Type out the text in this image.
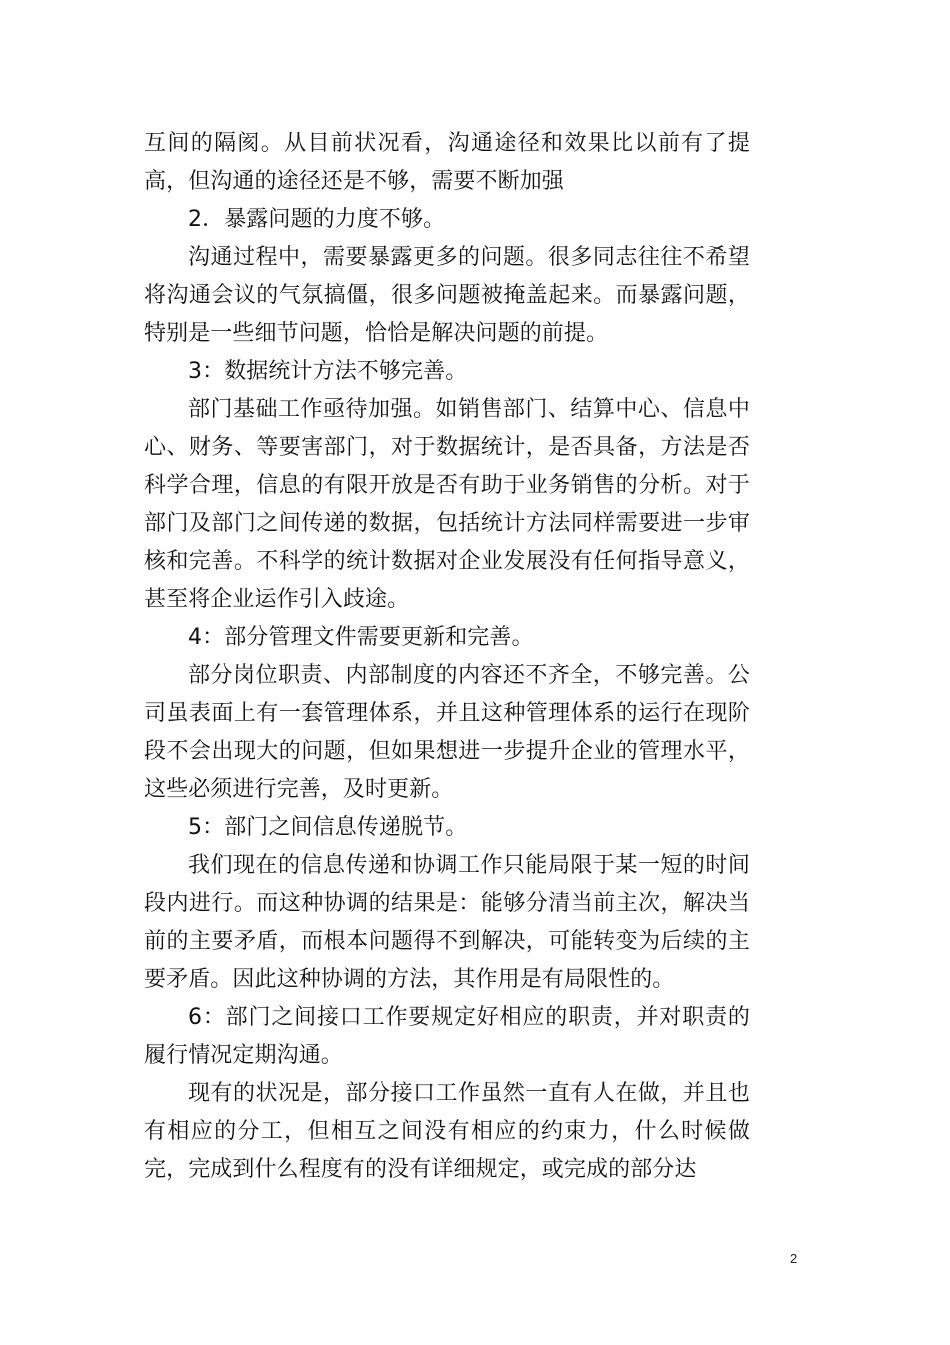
互间的隔阂。从目前状况看，沟通途径和效果比以前有了提高，但沟通的途径还是不够，需要不断加强

2．暴露问题的力度不够。

沟通过程中，需要暴露更多的问题。很多同志往往不希望将沟通会议的气氛搞僵，很多问题被掩盖起来。而暴露问题，特别是一些细节问题，恰恰是解决问题的前提。

3：数据统计方法不够完善。

部门基础工作亟待加强。如销售部门、结算中心、信息中心、财务、等要害部门，对于数据统计，是否具备，方法是否科学合理，信息的有限开放是否有助于业务销售的分析。对于部门及部门之间传递的数据，包括统计方法同样需要进一步审核和完善。不科学的统计数据对企业发展没有任何指导意义，甚至将企业运作引入歧途。

4：部分管理文件需要更新和完善。

部分岗位职责、内部制度的内容还不齐全，不够完善。公司虽表面上有一套管理体系，并且这种管理体系的运行在现阶段不会出现大的问题，但如果想进一步提升企业的管理水平，这些必须进行完善，及时更新。

5：部门之间信息传递脱节。

我们现在的信息传递和协调工作只能局限于某一短的时间段内进行。而这种协调的结果是：能够分清当前主次，解决当前的主要矛盾，而根本问题得不到解决，可能转变为后续的主要矛盾。因此这种协调的方法，其作用是有局限性的。

6：部门之间接口工作要规定好相应的职责，并对职责的履行情况定期沟通。

现有的状况是，部分接口工作虽然一直有人在做，并且也有相应的分工，但相互之间没有相应的约束力，什么时候做完，完成到什么程度有的没有详细规定，或完成的部分达

2
